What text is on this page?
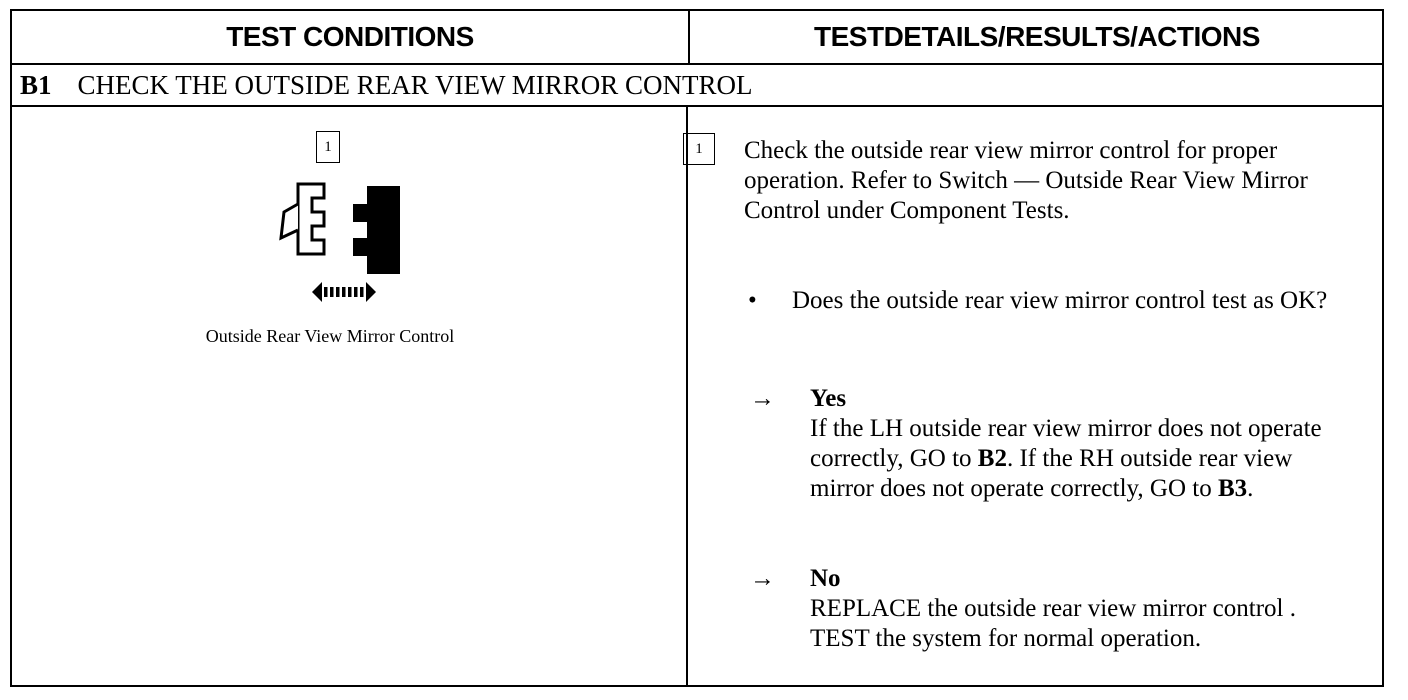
TEST CONDITIONS	TESTDETAILS/RESULTS/ACTIONS
B1 CHECK THE OUTSIDE REAR VIEW MIRROR CONTROL
1
Outside Rear View Mirror Control
1	Check the outside rear view mirror control for proper operation. Refer to Switch — Outside Rear View Mirror Control under Component Tests.
•	Does the outside rear view mirror control test as OK?
→	Yes
If the LH outside rear view mirror does not operate correctly, GO to B2. If the RH outside rear view mirror does not operate correctly, GO to B3.
→	No
REPLACE the outside rear view mirror control . TEST the system for normal operation.
